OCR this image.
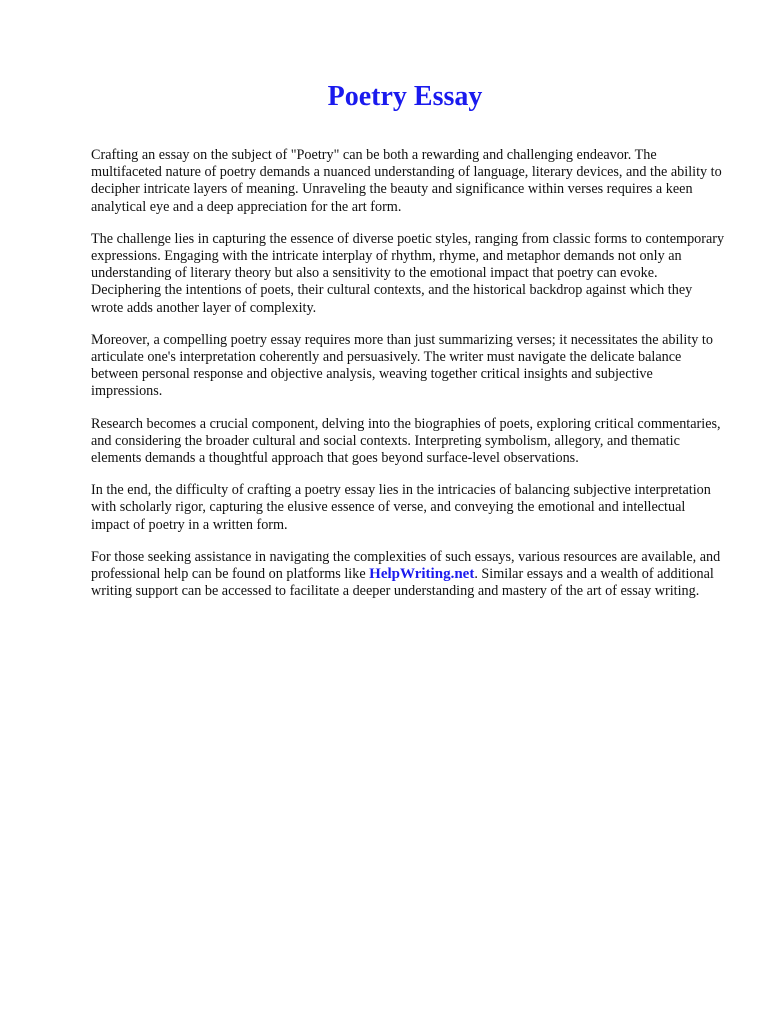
Poetry Essay

Crafting an essay on the subject of "Poetry" can be both a rewarding and challenging endeavor. The multifaceted nature of poetry demands a nuanced understanding of language, literary devices, and the ability to decipher intricate layers of meaning. Unraveling the beauty and significance within verses requires a keen analytical eye and a deep appreciation for the art form.

The challenge lies in capturing the essence of diverse poetic styles, ranging from classic forms to contemporary expressions. Engaging with the intricate interplay of rhythm, rhyme, and metaphor demands not only an understanding of literary theory but also a sensitivity to the emotional impact that poetry can evoke. Deciphering the intentions of poets, their cultural contexts, and the historical backdrop against which they wrote adds another layer of complexity.

Moreover, a compelling poetry essay requires more than just summarizing verses; it necessitates the ability to articulate one's interpretation coherently and persuasively. The writer must navigate the delicate balance between personal response and objective analysis, weaving together critical insights and subjective impressions.

Research becomes a crucial component, delving into the biographies of poets, exploring critical commentaries, and considering the broader cultural and social contexts. Interpreting symbolism, allegory, and thematic elements demands a thoughtful approach that goes beyond surface-level observations.

In the end, the difficulty of crafting a poetry essay lies in the intricacies of balancing subjective interpretation with scholarly rigor, capturing the elusive essence of verse, and conveying the emotional and intellectual impact of poetry in a written form.

For those seeking assistance in navigating the complexities of such essays, various resources are available, and professional help can be found on platforms like HelpWriting.net. Similar essays and a wealth of additional writing support can be accessed to facilitate a deeper understanding and mastery of the art of essay writing.
